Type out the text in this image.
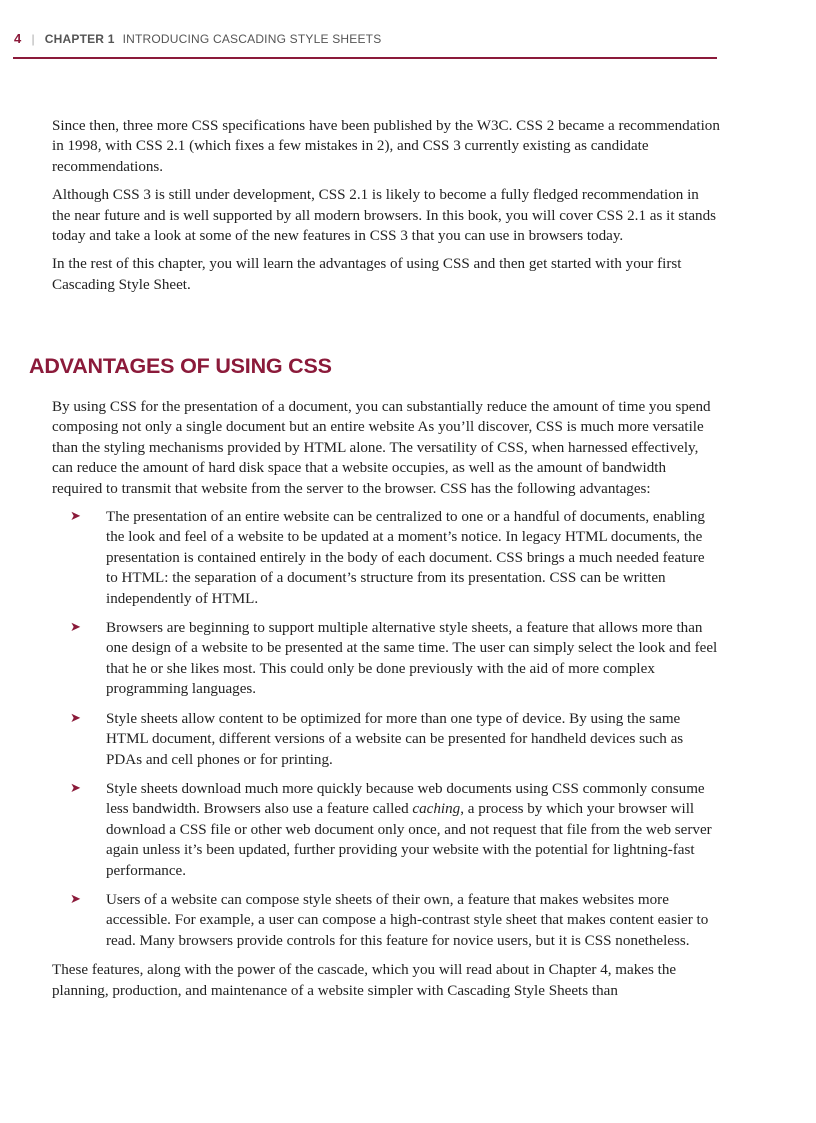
4 | CHAPTER 1 INTRODUCING CASCADING STYLE SHEETS

Since then, three more CSS specifications have been published by the W3C. CSS 2 became a recommendation in 1998, with CSS 2.1 (which fixes a few mistakes in 2), and CSS 3 currently existing as candidate recommendations.

Although CSS 3 is still under development, CSS 2.1 is likely to become a fully fledged recommendation in the near future and is well supported by all modern browsers. In this book, you will cover CSS 2.1 as it stands today and take a look at some of the new features in CSS 3 that you can use in browsers today.

In the rest of this chapter, you will learn the advantages of using CSS and then get started with your first Cascading Style Sheet.

ADVANTAGES OF USING CSS

By using CSS for the presentation of a document, you can substantially reduce the amount of time you spend composing not only a single document but an entire website As you’ll discover, CSS is much more versatile than the styling mechanisms provided by HTML alone. The versatility of CSS, when harnessed effectively, can reduce the amount of hard disk space that a website occupies, as well as the amount of bandwidth required to transmit that website from the server to the browser. CSS has the following advantages:

➤ The presentation of an entire website can be centralized to one or a handful of documents, enabling the look and feel of a website to be updated at a moment’s notice. In legacy HTML documents, the presentation is contained entirely in the body of each document. CSS brings a much needed feature to HTML: the separation of a document’s structure from its presentation. CSS can be written independently of HTML.
➤ Browsers are beginning to support multiple alternative style sheets, a feature that allows more than one design of a website to be presented at the same time. The user can simply select the look and feel that he or she likes most. This could only be done previously with the aid of more complex programming languages.
➤ Style sheets allow content to be optimized for more than one type of device. By using the same HTML document, different versions of a website can be presented for handheld devices such as PDAs and cell phones or for printing.
➤ Style sheets download much more quickly because web documents using CSS commonly consume less bandwidth. Browsers also use a feature called caching, a process by which your browser will download a CSS file or other web document only once, and not request that file from the web server again unless it’s been updated, further providing your website with the potential for lightning-fast performance.
➤ Users of a website can compose style sheets of their own, a feature that makes websites more accessible. For example, a user can compose a high-contrast style sheet that makes content easier to read. Many browsers provide controls for this feature for novice users, but it is CSS nonetheless.

These features, along with the power of the cascade, which you will read about in Chapter 4, makes the planning, production, and maintenance of a website simpler with Cascading Style Sheets than
